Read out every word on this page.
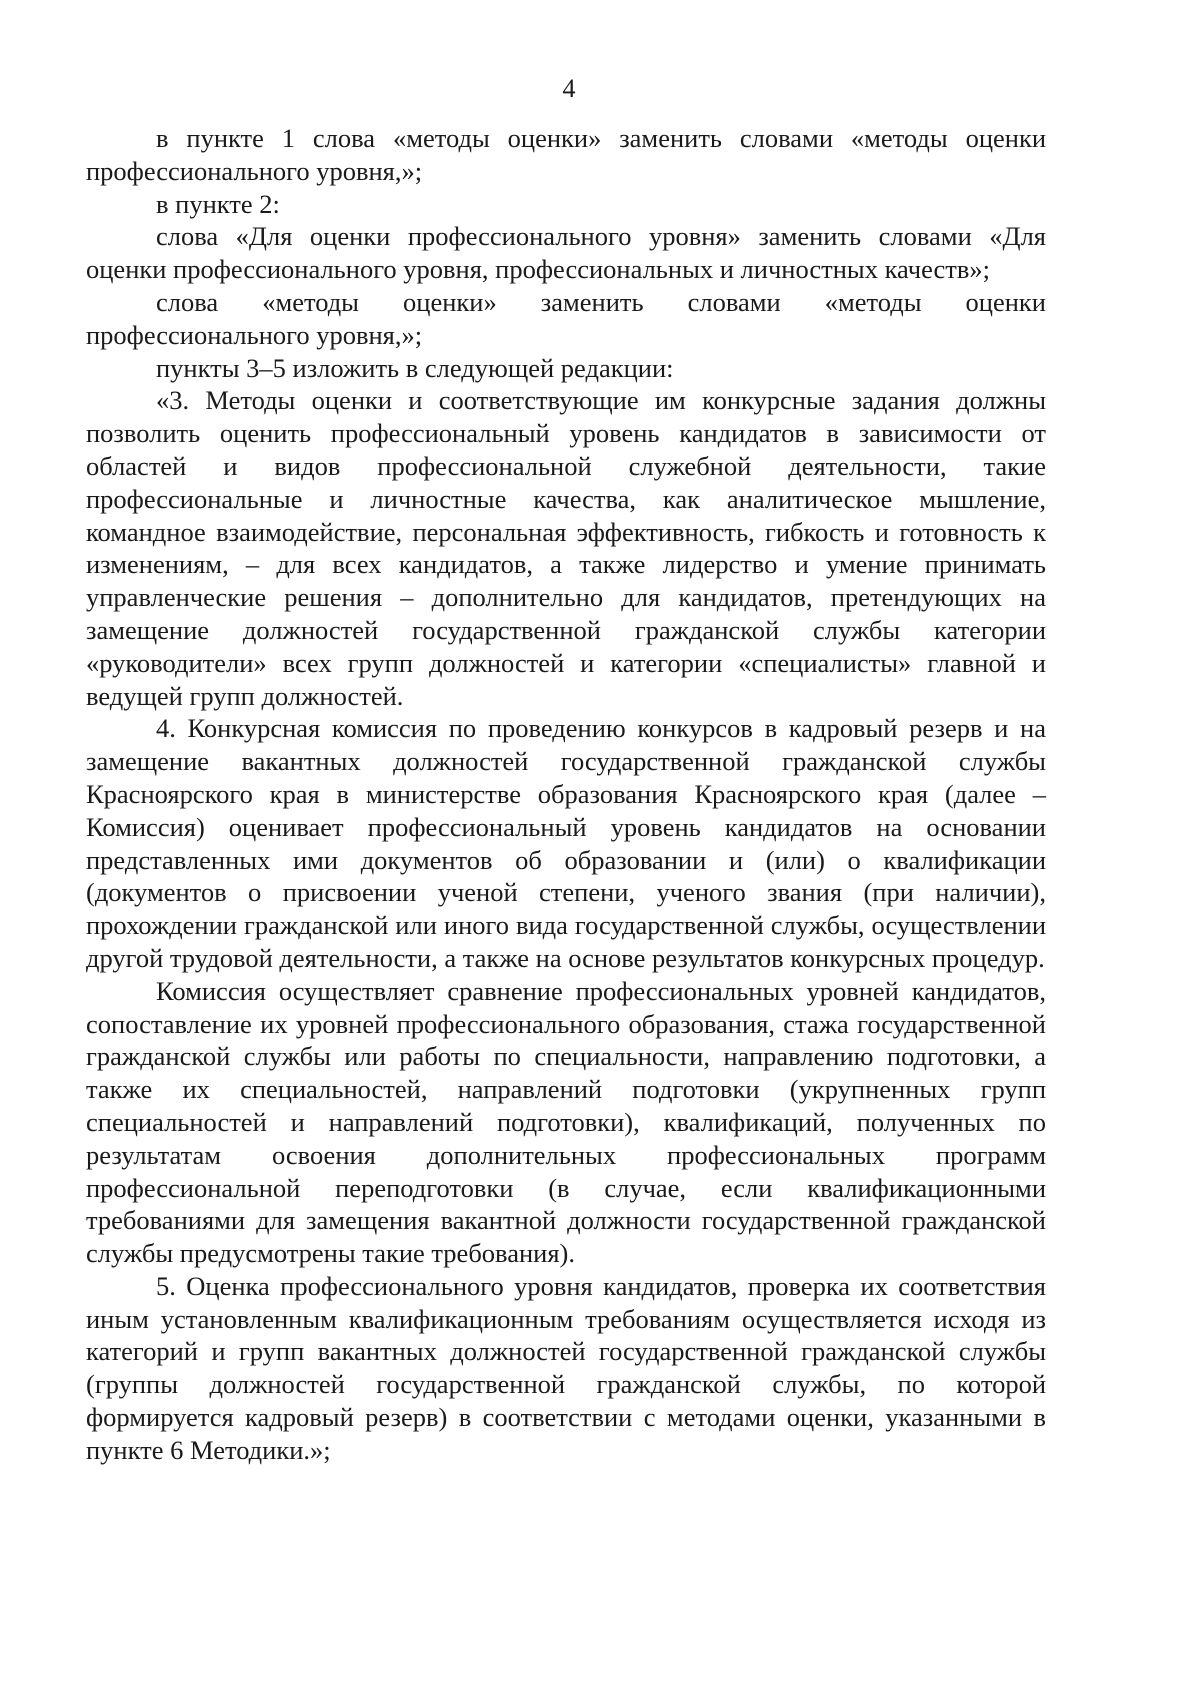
4

в пункте 1 слова «методы оценки» заменить словами «методы оценки профессионального уровня,»;

в пункте 2:

слова «Для оценки профессионального уровня» заменить словами «Для оценки профессионального уровня, профессиональных и личностных качеств»;

слова «методы оценки» заменить словами «методы оценки профессионального уровня,»;

пункты 3–5 изложить в следующей редакции:

«3. Методы оценки и соответствующие им конкурсные задания должны позволить оценить профессиональный уровень кандидатов в зависимости от областей и видов профессиональной служебной деятельности, такие профессиональные и личностные качества, как аналитическое мышление, командное взаимодействие, персональная эффективность, гибкость и готовность к изменениям, – для всех кандидатов, а также лидерство и умение принимать управленческие решения – дополнительно для кандидатов, претендующих на замещение должностей государственной гражданской службы категории «руководители» всех групп должностей и категории «специалисты» главной и ведущей групп должностей.

4. Конкурсная комиссия по проведению конкурсов в кадровый резерв и на замещение вакантных должностей государственной гражданской службы Красноярского края в министерстве образования Красноярского края (далее – Комиссия) оценивает профессиональный уровень кандидатов на основании представленных ими документов об образовании и (или) о квалификации (документов о присвоении ученой степени, ученого звания (при наличии), прохождении гражданской или иного вида государственной службы, осуществлении другой трудовой деятельности, а также на основе результатов конкурсных процедур.

Комиссия осуществляет сравнение профессиональных уровней кандидатов, сопоставление их уровней профессионального образования, стажа государственной гражданской службы или работы по специальности, направлению подготовки, а также их специальностей, направлений подготовки (укрупненных групп специальностей и направлений подготовки), квалификаций, полученных по результатам освоения дополнительных профессиональных программ профессиональной переподготовки (в случае, если квалификационными требованиями для замещения вакантной должности государственной гражданской службы предусмотрены такие требования).

5. Оценка профессионального уровня кандидатов, проверка их соответствия иным установленным квалификационным требованиям осуществляется исходя из категорий и групп вакантных должностей государственной гражданской службы (группы должностей государственной гражданской службы, по которой формируется кадровый резерв) в соответствии с методами оценки, указанными в пункте 6 Методики.»;
